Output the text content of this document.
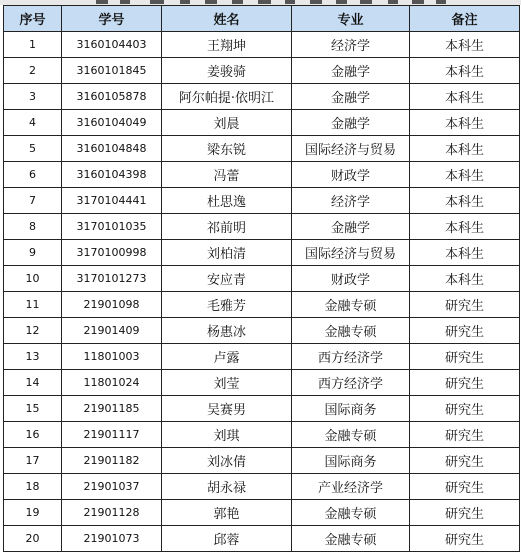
序号	学号	姓名	专业	备注
1	3160104403	王翔坤	经济学	本科生
2	3160101845	姜骏骑	金融学	本科生
3	3160105878	阿尔帕提·依明江	金融学	本科生
4	3160104049	刘晨	金融学	本科生
5	3160104848	梁东锐	国际经济与贸易	本科生
6	3160104398	冯蕾	财政学	本科生
7	3170104441	杜思逸	经济学	本科生
8	3170101035	祁前明	金融学	本科生
9	3170100998	刘柏清	国际经济与贸易	本科生
10	3170101273	安应青	财政学	本科生
11	21901098	毛雅芳	金融专硕	研究生
12	21901409	杨惠冰	金融专硕	研究生
13	11801003	卢露	西方经济学	研究生
14	11801024	刘莹	西方经济学	研究生
15	21901185	吴赛男	国际商务	研究生
16	21901117	刘琪	金融专硕	研究生
17	21901182	刘冰倩	国际商务	研究生
18	21901037	胡永禄	产业经济学	研究生
19	21901128	郭艳	金融专硕	研究生
20	21901073	邱蓉	金融专硕	研究生
